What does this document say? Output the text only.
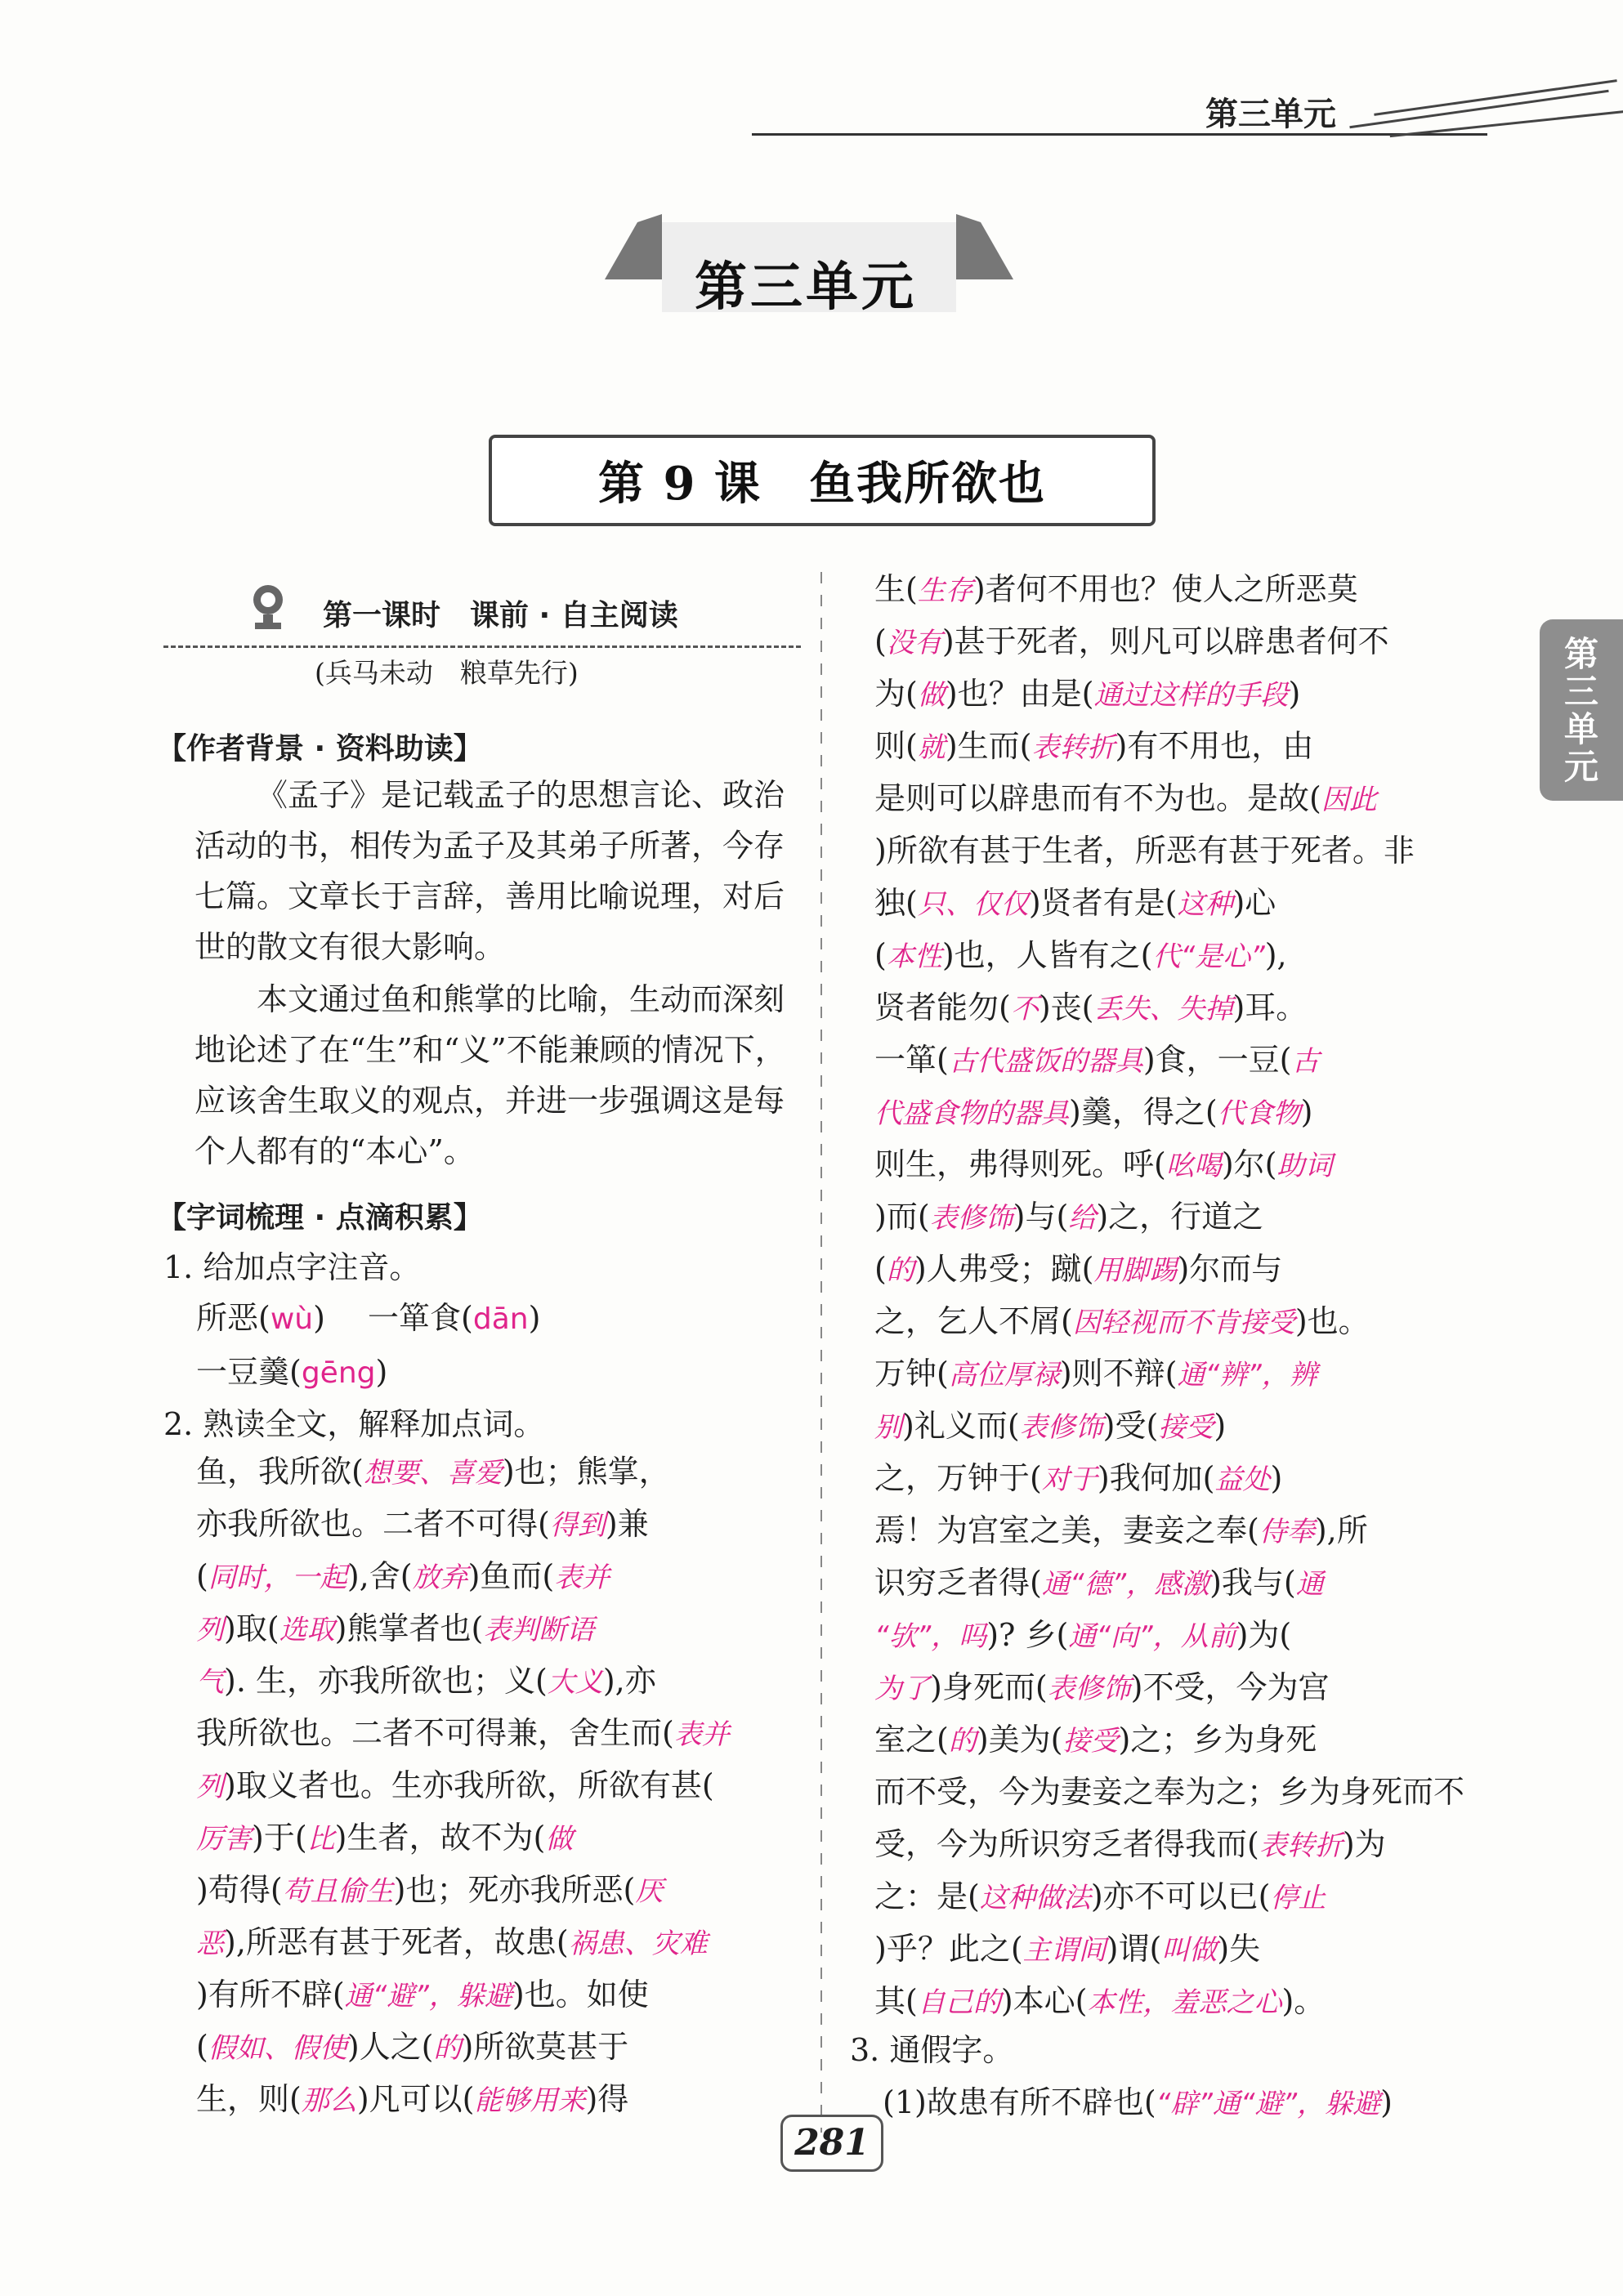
第三单元
第三单元
第 9 课　鱼我所欲也
第三单元
第一课时　课前 · 自主阅读
(兵马未动　粮草先行)
【作者背景 · 资料助读】
《孟子》是记载孟子的思想言论、政治活动的书，相传为孟子及其弟子所著，今存七篇。文章长于言辞，善用比喻说理，对后世的散文有很大影响。
本文通过鱼和熊掌的比喻，生动而深刻地论述了在“生”和“义”不能兼顾的情况下，应该舍生取义的观点，并进一步强调这是每个人都有的“本心”。
【字词梳理 · 点滴积累】
1. 给加点字注音。
所恶(wù) 一箪食(dān)
一豆羹(gēng)
2. 熟读全文，解释加点词。
鱼，我所欲(想要、喜爱)也；熊掌，
亦我所欲也。二者不可得(得到)兼
(同时，一起),舍(放弃)鱼而(表并
列)取(选取)熊掌者也(表判断语
气). 生，亦我所欲也；义(大义),亦
我所欲也。二者不可得兼，舍生而(表并
列)取义者也。生亦我所欲，所欲有甚(
厉害)于(比)生者，故不为(做
)苟得(苟且偷生)也；死亦我所恶(厌
恶),所恶有甚于死者，故患(祸患、灾难
)有所不辟(通“避”，躲避)也。如使
(假如、假使)人之(的)所欲莫甚于
生，则(那么)凡可以(能够用来)得
生(生存)者何不用也？使人之所恶莫
(没有)甚于死者，则凡可以辟患者何不
为(做)也？由是(通过这样的手段)
则(就)生而(表转折)有不用也，由
是则可以辟患而有不为也。是故(因此
)所欲有甚于生者，所恶有甚于死者。非
独(只、仅仅)贤者有是(这种)心
(本性)也，人皆有之(代“是心”),
贤者能勿(不)丧(丢失、失掉)耳。
一箪(古代盛饭的器具)食，一豆(古
代盛食物的器具)羹，得之(代食物)
则生，弗得则死。呼(吆喝)尔(助词
)而(表修饰)与(给)之，行道之
(的)人弗受；蹴(用脚踢)尔而与
之，乞人不屑(因轻视而不肯接受)也。
万钟(高位厚禄)则不辩(通“辨”，辨
别)礼义而(表修饰)受(接受)
之，万钟于(对于)我何加(益处)
焉！为宫室之美，妻妾之奉(侍奉),所
识穷乏者得(通“德”，感激)我与(通
“欤”，吗)? 乡(通“向”，从前)为(
为了)身死而(表修饰)不受，今为宫
室之(的)美为(接受)之；乡为身死
而不受，今为妻妾之奉为之；乡为身死而不
受，今为所识穷乏者得我而(表转折)为
之：是(这种做法)亦不可以已(停止
)乎？此之(主谓间)谓(叫做)失
其(自己的)本心(本性，羞恶之心)。
3. 通假字。
(1)故患有所不辟也(“辟”通“避”，躲避)
281
